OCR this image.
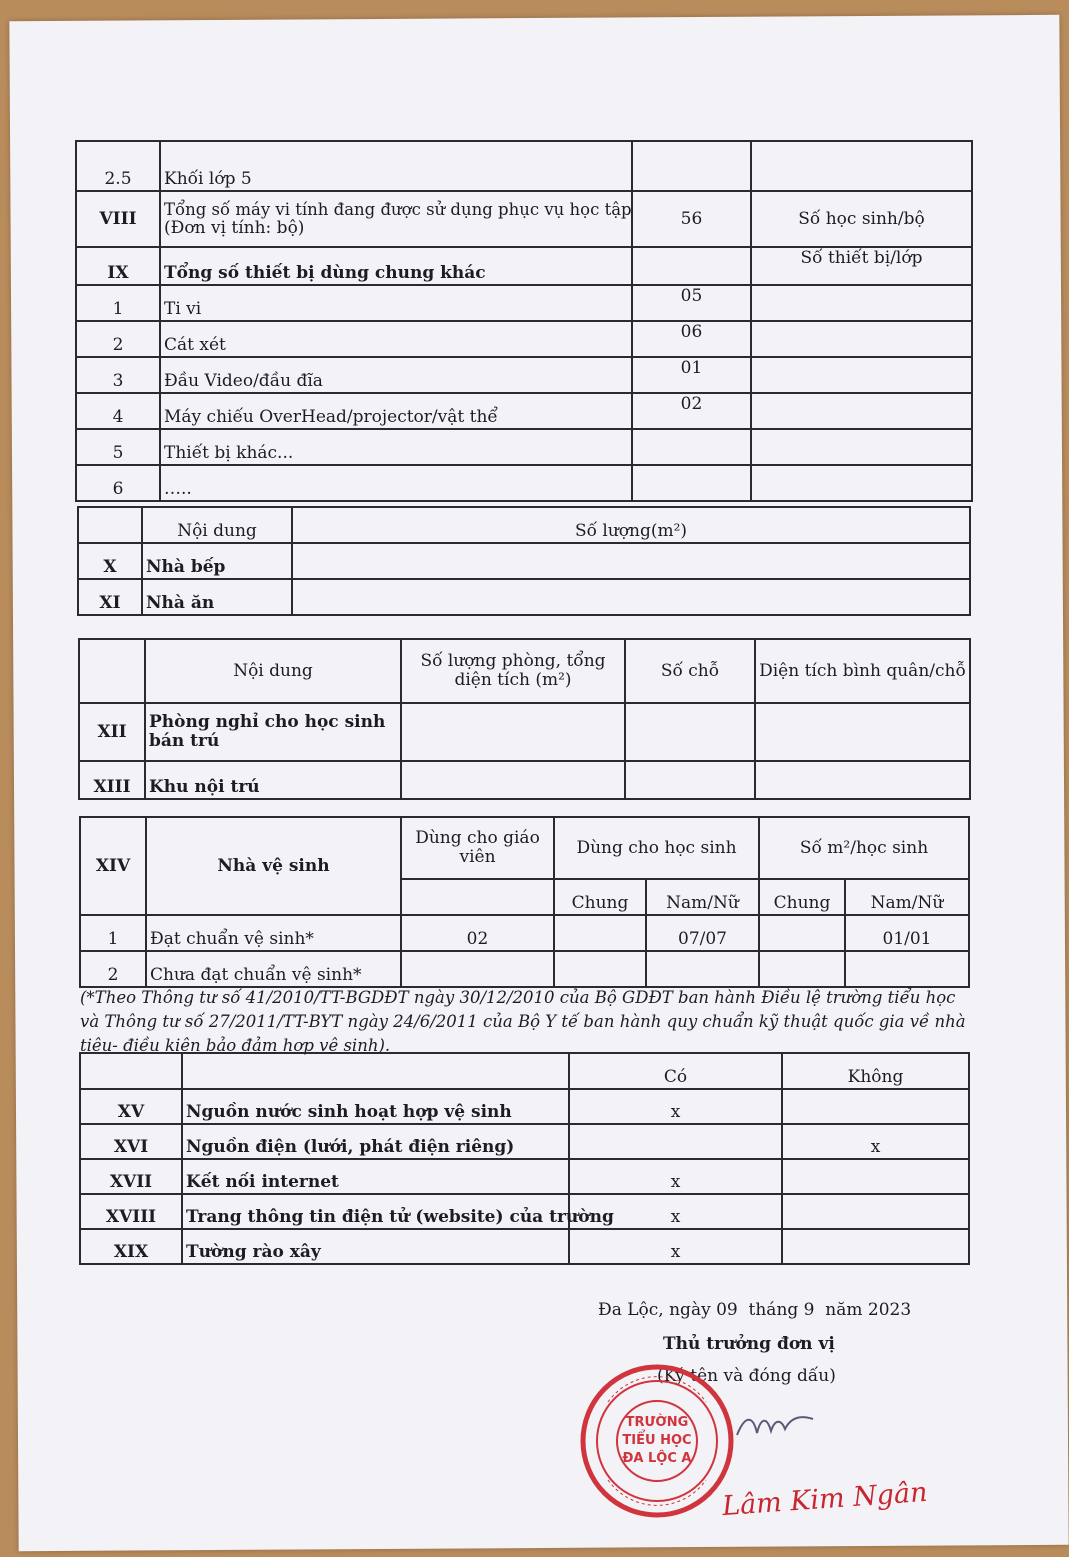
2.5	Khối lớp 5		
VIII	Tổng số máy vi tính đang được sử dụng phục vụ học tập
(Đơn vị tính: bộ)	56	Số học sinh/bộ
IX	Tổng số thiết bị dùng chung khác		Số thiết bị/lớp
1	Ti vi	05	
2	Cát xét	06	
3	Đầu Video/đầu đĩa	01	
4	Máy chiếu OverHead/projector/vật thể	02	
5	Thiết bị khác...		
6	…..		
	Nội dung	Số lượng(m²)
X	Nhà bếp	
XI	Nhà ăn	
	Nội dung	Số lượng phòng, tổng diện tích (m²)	Số chỗ	Diện tích bình quân/chỗ
XII	Phòng nghỉ cho học sinh bán trú			
XIII	Khu nội trú			
XIV	Nhà vệ sinh	Dùng cho giáo viên	Dùng cho học sinh		Số m²/học sinh	
			Chung	Nam/Nữ	Chung	Nam/Nữ
1	Đạt chuẩn vệ sinh*	02		07/07		01/01
2	Chưa đạt chuẩn vệ sinh*					
(*Theo Thông tư số 41/2010/TT-BGDĐT ngày 30/12/2010 của Bộ GDĐT ban hành Điều lệ trường tiểu học và Thông tư số 27/2011/TT-BYT ngày 24/6/2011 của Bộ Y tế ban hành quy chuẩn kỹ thuật quốc gia về nhà tiêu- điều kiện bảo đảm hợp vệ sinh).
		Có	Không
XV	Nguồn nước sinh hoạt hợp vệ sinh	x	
XVI	Nguồn điện (lưới, phát điện riêng)		x
XVII	Kết nối internet	x	
XVIII	Trang thông tin điện tử (website) của trường	x	
XIX	Tường rào xây	x	
Đa Lộc, ngày 09  tháng 9  năm 2023
Thủ trưởng đơn vị
(Ký tên và đóng dấu)
TRƯỜNG
TIỂU HỌC
ĐA LỘC A
Lâm Kim Ngân
